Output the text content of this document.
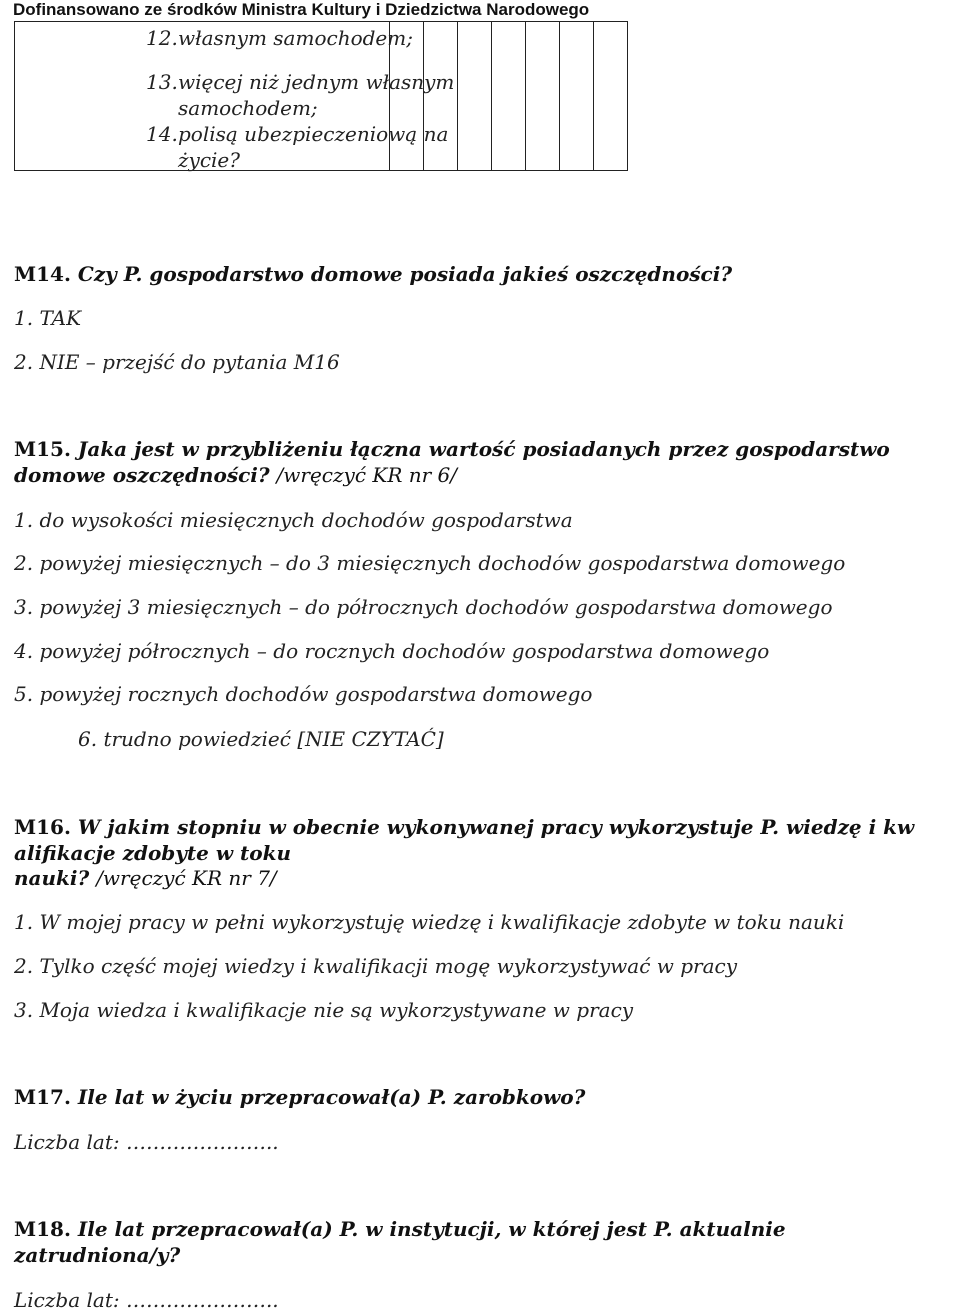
Dofinansowano ze środków Ministra Kultury i Dziedzictwa Narodowego
12.własnym samochodem;
13.więcej niż jednym własnym
samochodem;
14.polisą ubezpieczeniową na
życie?

M14. Czy P. gospodarstwo domowe posiada jakieś oszczędności?
1. TAK
2. NIE – przejść do pytania M16
M15. Jaka jest w przybliżeniu łączna wartość posiadanych przez gospodarstwo
domowe oszczędności? /wręczyć KR nr 6/
1. do wysokości miesięcznych dochodów gospodarstwa
2. powyżej miesięcznych – do 3 miesięcznych dochodów gospodarstwa domowego
3. powyżej 3 miesięcznych – do półrocznych dochodów gospodarstwa domowego
4. powyżej półrocznych – do rocznych dochodów gospodarstwa domowego
5. powyżej rocznych dochodów gospodarstwa domowego
6. trudno powiedzieć [NIE CZYTAĆ]
M16. W jakim stopniu w obecnie wykonywanej pracy wykorzystuje P. wiedzę i kw
alifikacje zdobyte w toku
nauki? /wręczyć KR nr 7/
1. W mojej pracy w pełni wykorzystuję wiedzę i kwalifikacje zdobyte w toku nauki
2. Tylko część mojej wiedzy i kwalifikacji mogę wykorzystywać w pracy
3. Moja wiedza i kwalifikacje nie są wykorzystywane w pracy
M17. Ile lat w życiu przepracował(a) P. zarobkowo?
Liczba lat: …………………..
M18. Ile lat przepracował(a) P. w instytucji, w której jest P. aktualnie
zatrudniona/y?
Liczba lat: …………………..
